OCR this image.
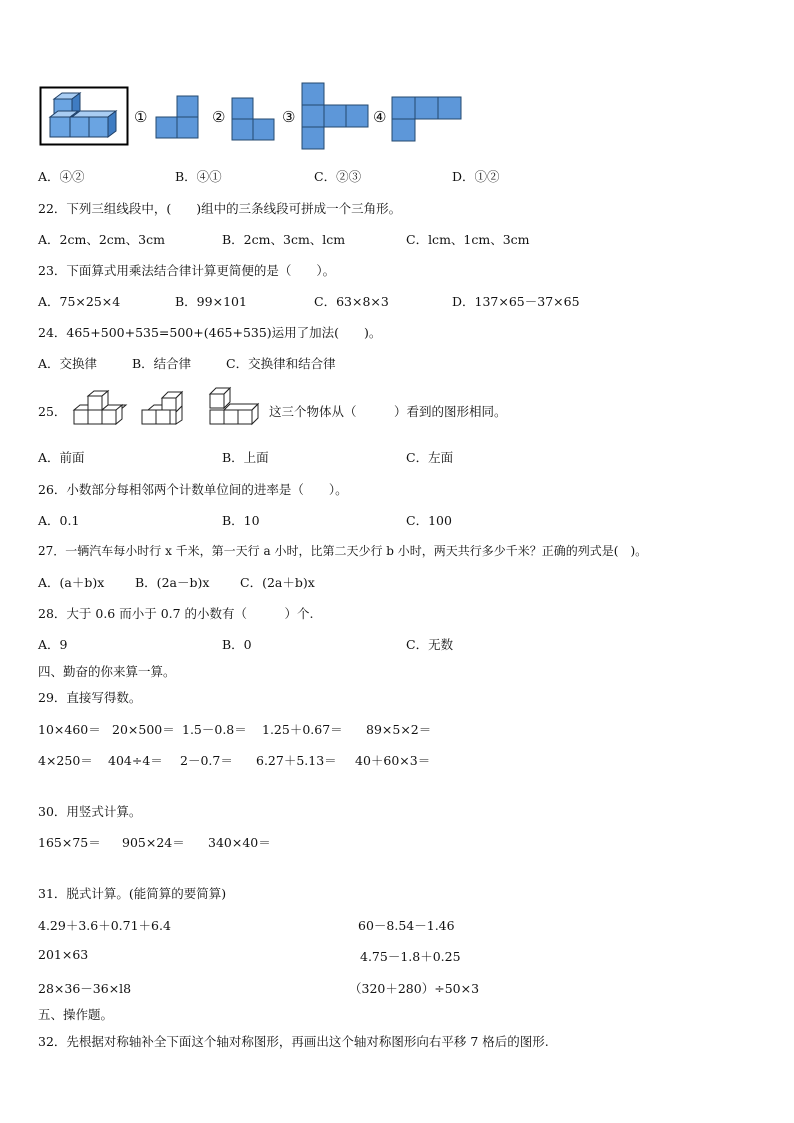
①	②	③	④
A．④②	B．④①	C．②③	D．①②
22．下列三组线段中，(　　)组中的三条线段可拼成一个三角形。
A．2cm、2cm、3cm	B．2cm、3cm、lcm	C．lcm、1cm、3cm
23．下面算式用乘法结合律计算更简便的是（　　）。
A．75×25×4	B．99×101	C．63×8×3	D．137×65－37×65
24．465+500+535=500+(465+535)运用了加法(　　)。
A．交换律	B．结合律	C．交换律和结合律
25．	这三个物体从（　　　）看到的图形相同。
A．前面	B．上面	C．左面
26．小数部分每相邻两个计数单位间的进率是（　　）。
A．0.1	B．10	C．100
27．一辆汽车每小时行 x 千米，第一天行 a 小时，比第二天少行 b 小时，两天共行多少千米？正确的列式是(　)。
A．(a＋b)x B．(2a－b)x C．(2a＋b)x
28．大于 0.6 而小于 0.7 的小数有（　　　）个.
A．9	B．0	C．无数
四、勤奋的你来算一算。
29．直接写得数。
10×460＝ 20×500＝ 1.5－0.8＝ 1.25＋0.67＝ 89×5×2＝
4×250＝ 404÷4＝ 2－0.7＝ 6.27＋5.13＝ 40＋60×3＝
30．用竖式计算。
165×75＝ 905×24＝ 340×40＝
31．脱式计算。(能简算的要简算)
4.29＋3.6＋0.71＋6.4	60－8.54－1.46
201×63	4.75－1.8＋0.25
28×36－36×l8	（320＋280）÷50×3
五、操作题。
32．先根据对称轴补全下面这个轴对称图形，再画出这个轴对称图形向右平移 7 格后的图形.
